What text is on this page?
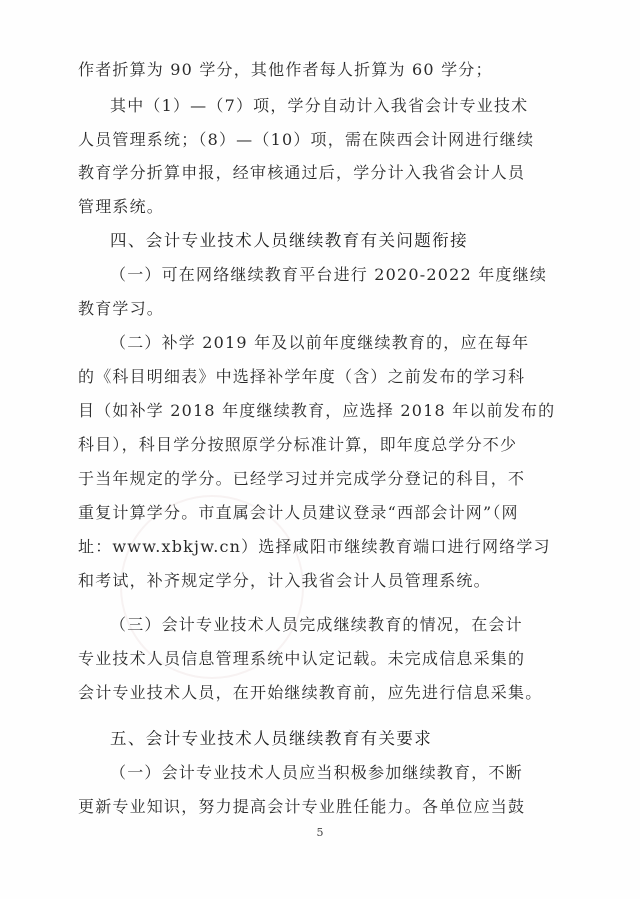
作者折算为 90 学分，其他作者每人折算为 60 学分；
其中（1）—（7）项，学分自动计入我省会计专业技术
人员管理系统；（8）—（10）项，需在陕西会计网进行继续
教育学分折算申报，经审核通过后，学分计入我省会计人员
管理系统。
四、会计专业技术人员继续教育有关问题衔接
（一）可在网络继续教育平台进行 2020-2022 年度继续
教育学习。
（二）补学 2019 年及以前年度继续教育的，应在每年
的《科目明细表》中选择补学年度（含）之前发布的学习科
目（如补学 2018 年度继续教育，应选择 2018 年以前发布的
科目），科目学分按照原学分标准计算，即年度总学分不少
于当年规定的学分。已经学习过并完成学分登记的科目，不
重复计算学分。市直属会计人员建议登录“西部会计网”（网
址：www.xbkjw.cn）选择咸阳市继续教育端口进行网络学习
和考试，补齐规定学分，计入我省会计人员管理系统。
（三）会计专业技术人员完成继续教育的情况，在会计
专业技术人员信息管理系统中认定记载。未完成信息采集的
会计专业技术人员，在开始继续教育前，应先进行信息采集。
五、会计专业技术人员继续教育有关要求
（一）会计专业技术人员应当积极参加继续教育，不断
更新专业知识，努力提高会计专业胜任能力。各单位应当鼓
5
